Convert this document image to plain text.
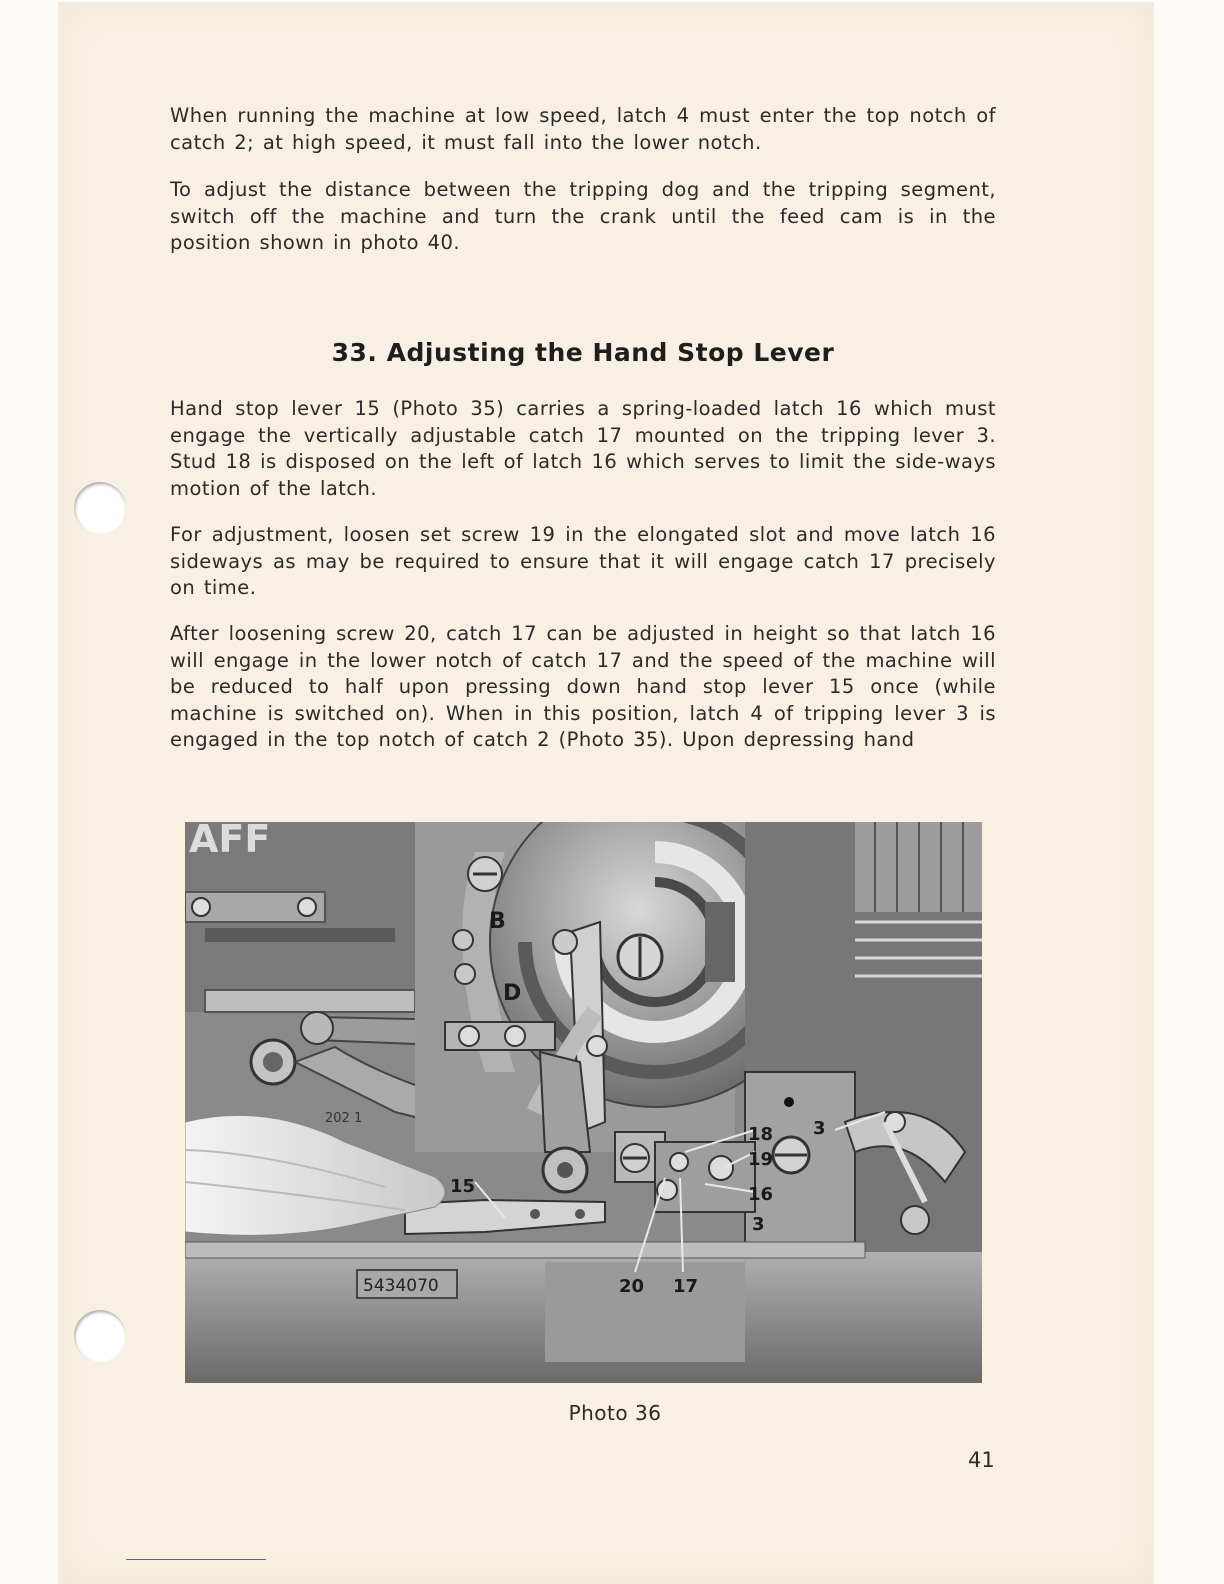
When running the machine at low speed, latch 4 must enter the top notch of catch 2; at high speed, it must fall into the lower notch.

To adjust the distance between the tripping dog and the tripping segment, switch off the machine and turn the crank until the feed cam is in the position shown in photo 40.

33. Adjusting the Hand Stop Lever

Hand stop lever 15 (Photo 35) carries a spring-loaded latch 16 which must engage the vertically adjustable catch 17 mounted on the tripping lever 3. Stud 18 is disposed on the left of latch 16 which serves to limit the side-ways motion of the latch.

For adjustment, loosen set screw 19 in the elongated slot and move latch 16 sideways as may be required to ensure that it will engage catch 17 precisely on time.

After loosening screw 20, catch 17 can be adjusted in height so that latch 16 will engage in the lower notch of catch 17 and the speed of the machine will be reduced to half upon pressing down hand stop lever 15 once (while machine is switched on). When in this position, latch 4 of tripping lever 3 is engaged in the top notch of catch 2 (Photo 35). Upon depressing hand

AFF
202 1
5434070
B
D
15
18
19
16
3
3
20 17
Photo 36
41
